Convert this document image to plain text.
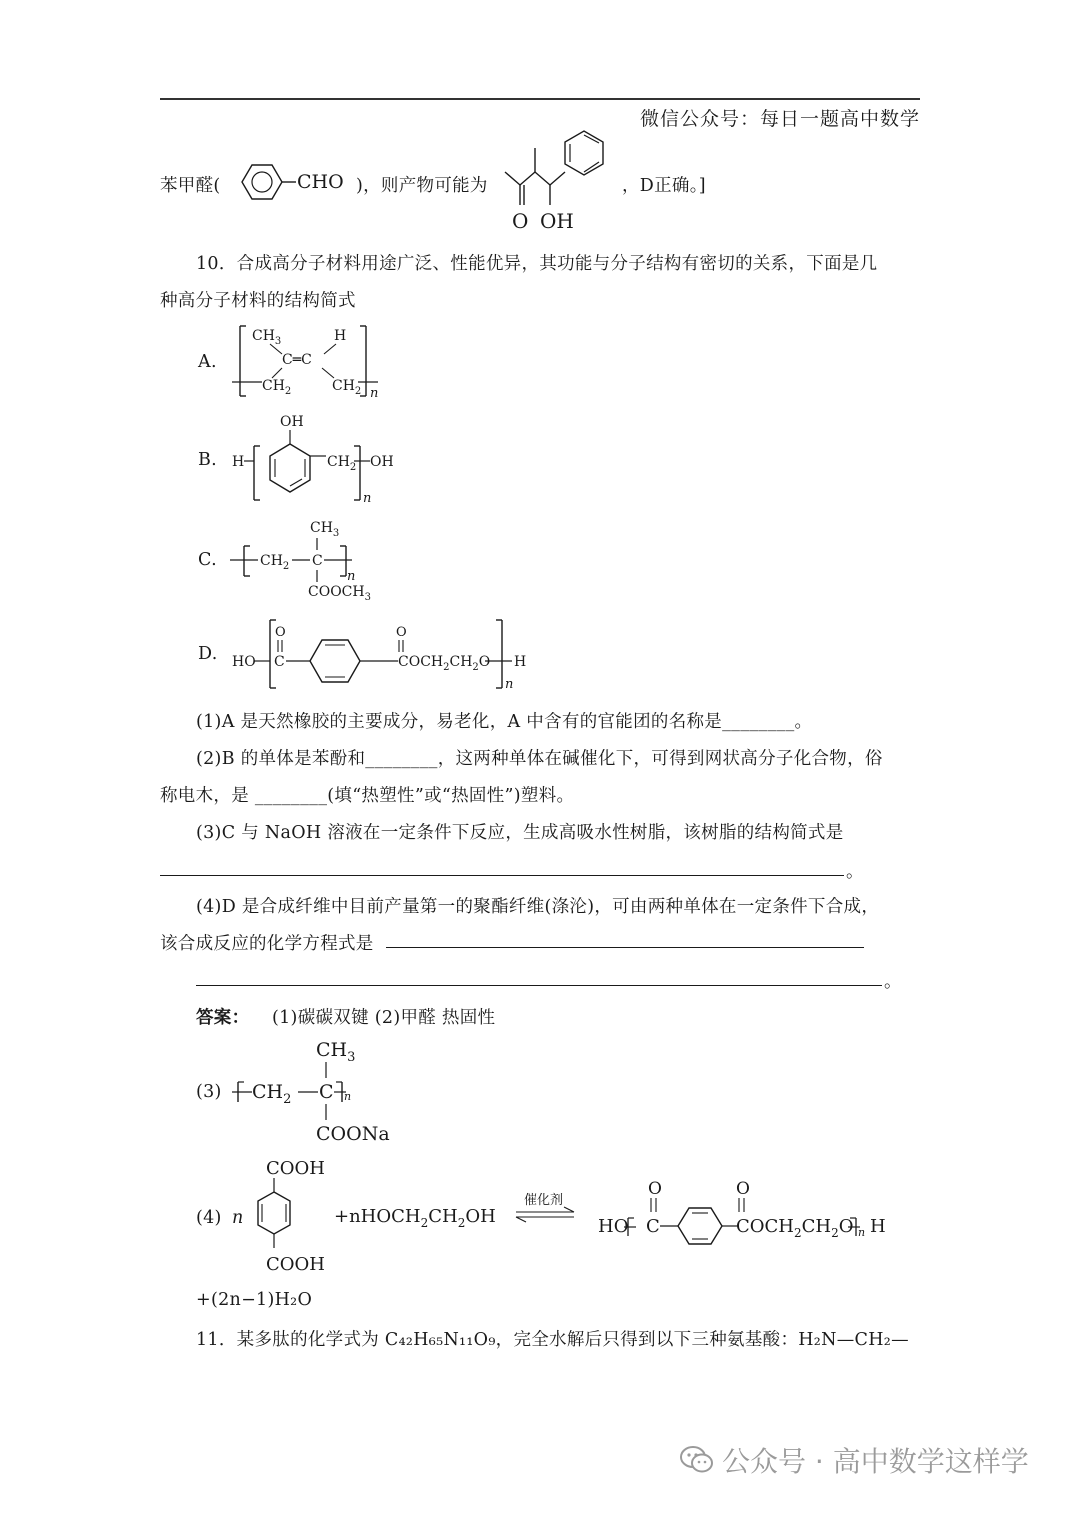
微信公众号：每日一题高中数学
苯甲醛(	CHO )，则产物可能为
O OH
，D正确。]
10．合成高分子材料用途广泛、性能优异，其功能与分子结构有密切的关系，下面是几
种高分子材料的结构简式
A.
$CH_3$	H
C═C
$CH_2$	$CH_2$ n
B. H
OH
$CH_2$ OH
n
C.
$CH_3$
$CH_2$ C
n
$COOCH_3$
D. HO
O
C
O
$COCH_2CH_2O$ H
n
(1)A 是天然橡胶的主要成分，易老化，A 中含有的官能团的名称是________。
(2)B 的单体是苯酚和________，这两种单体在碱催化下，可得到网状高分子化合物，俗
称电木，是 ________(填“热塑性”或“热固性”)塑料。
(3)C 与 NaOH 溶液在一定条件下反应，生成高吸水性树脂，该树脂的结构简式是
。
(4)D 是合成纤维中目前产量第一的聚酯纤维(涤沦)，可由两种单体在一定条件下合成，
该合成反应的化学方程式是
。
答案： (1)碳碳双键 (2)甲醛 热固性
(3)
$CH_3$
$CH_2$ C n
COONa
(4) n
COOH
COOH
$+nHOCH_2CH_2OH$
催化剂
HO
O
C
O
$COCH_2CH_2O$ n H
+(2n−1)H₂O
11．某多肽的化学式为 C₄₂H₆₅N₁₁O₉，完全水解后只得到以下三种氨基酸：H₂N—CH₂—
公众号 · 高中数学这样学
